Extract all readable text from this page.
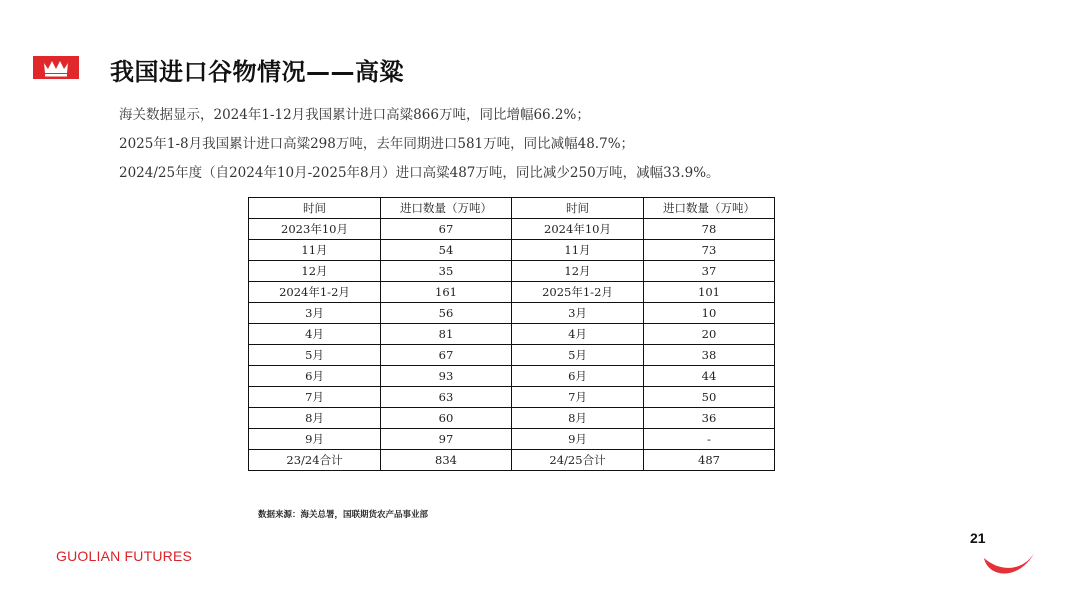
我国进口谷物情况——高粱

海关数据显示，2024年1-12月我国累计进口高粱866万吨，同比增幅66.2%；

2025年1-8月我国累计进口高粱298万吨，去年同期进口581万吨，同比减幅48.7%；

2024/25年度（自2024年10月-2025年8月）进口高粱487万吨，同比减少250万吨，减幅33.9%。

时间	进口数量（万吨）	时间	进口数量（万吨）
2023年10月	67	2024年10月	78
11月	54	11月	73
12月	35	12月	37
2024年1-2月	161	2025年1-2月	101
3月	56	3月	10
4月	81	4月	20
5月	67	5月	38
6月	93	6月	44
7月	63	7月	50
8月	60	8月	36
9月	97	9月	-
23/24合计	834	24/25合计	487
数据来源：海关总署，国联期货农产品事业部
GUOLIAN FUTURES
21
